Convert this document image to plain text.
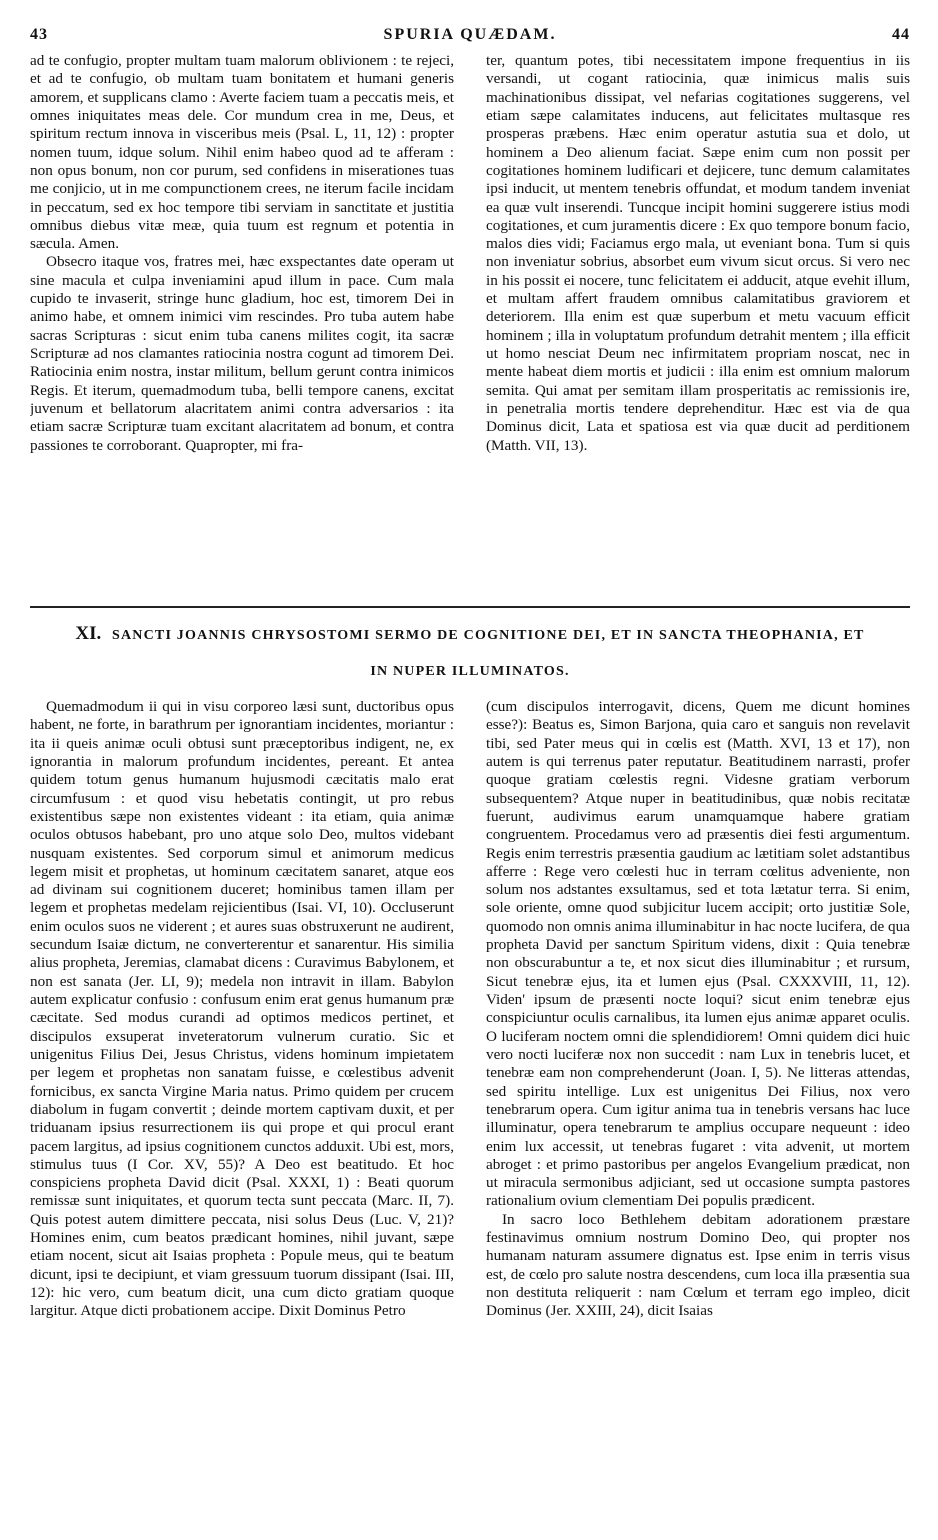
43	SPURIA QUÆDAM.	44

ad te confugio, propter multam tuam malorum oblivionem : te rejeci, et ad te confugio, ob multam tuam bonitatem et humani generis amorem, et supplicans clamo : Averte faciem tuam a peccatis meis, et omnes iniquitates meas dele. Cor mundum crea in me, Deus, et spiritum rectum innova in visceribus meis (Psal. L, 11, 12) : propter nomen tuum, idque solum. Nihil enim habeo quod ad te afferam : non opus bonum, non cor purum, sed confidens in miserationes tuas me conjicio, ut in me compunctionem crees, ne iterum facile incidam in peccatum, sed ex hoc tempore tibi serviam in sanctitate et justitia omnibus diebus vitæ meæ, quia tuum est regnum et potentia in sæcula. Amen.

Obsecro itaque vos, fratres mei, hæc exspectantes date operam ut sine macula et culpa inveniamini apud illum in pace. Cum mala cupido te invaserit, stringe hunc gladium, hoc est, timorem Dei in animo habe, et omnem inimici vim rescindes. Pro tuba autem habe sacras Scripturas : sicut enim tuba canens milites cogit, ita sacræ Scripturæ ad nos clamantes ratiocinia nostra cogunt ad timorem Dei. Ratiocinia enim nostra, instar militum, bellum gerunt contra inimicos Regis. Et iterum, quemadmodum tuba, belli tempore canens, excitat juvenum et bellatorum alacritatem animi contra adversarios : ita etiam sacræ Scripturæ tuam excitant alacritatem ad bonum, et contra passiones te corroborant. Quapropter, mi fra-

ter, quantum potes, tibi necessitatem impone frequentius in iis versandi, ut cogant ratiocinia, quæ inimicus malis suis machinationibus dissipat, vel nefarias cogitationes suggerens, vel etiam sæpe calamitates inducens, aut felicitates multasque res prosperas præbens. Hæc enim operatur astutia sua et dolo, ut hominem a Deo alienum faciat. Sæpe enim cum non possit per cogitationes hominem ludificari et dejicere, tunc demum calamitates ipsi inducit, ut mentem tenebris offundat, et modum tandem inveniat ea quæ vult inserendi. Tuncque incipit homini suggerere istius modi cogitationes, et cum juramentis dicere : Ex quo tempore bonum facio, malos dies vidi; Faciamus ergo mala, ut eveniant bona. Tum si quis non inveniatur sobrius, absorbet eum vivum sicut orcus. Si vero nec in his possit ei nocere, tunc felicitatem ei adducit, atque evehit illum, et multam affert fraudem omnibus calamitatibus graviorem et deteriorem. Illa enim est quæ superbum et metu vacuum efficit hominem ; illa in voluptatum profundum detrahit mentem ; illa efficit ut homo nesciat Deum nec infirmitatem propriam noscat, nec in mente habeat diem mortis et judicii : illa enim est omnium malorum semita. Qui amat per semitam illam prosperitatis ac remissionis ire, in penetralia mortis tendere deprehenditur. Hæc est via de qua Dominus dicit, Lata et spatiosa est via quæ ducit ad perditionem (Matth. VII, 13).

XI. SANCTI JOANNIS CHRYSOSTOMI SERMO DE COGNITIONE DEI, ET IN SANCTA THEOPHANIA, ET
IN NUPER ILLUMINATOS.

Quemadmodum ii qui in visu corporeo læsi sunt, ductoribus opus habent, ne forte, in barathrum per ignorantiam incidentes, moriantur : ita ii queis animæ oculi obtusi sunt præceptoribus indigent, ne, ex ignorantia in malorum profundum incidentes, pereant. Et antea quidem totum genus humanum hujusmodi cæcitatis malo erat circumfusum : et quod visu hebetatis contingit, ut pro rebus existentibus sæpe non existentes videant : ita etiam, quia animæ oculos obtusos habebant, pro uno atque solo Deo, multos videbant nusquam existentes. Sed corporum simul et animorum medicus legem misit et prophetas, ut hominum cæcitatem sanaret, atque eos ad divinam sui cognitionem duceret; hominibus tamen illam per legem et prophetas medelam rejicientibus (Isai. VI, 10). Occluserunt enim oculos suos ne viderent ; et aures suas obstruxerunt ne audirent, secundum Isaiæ dictum, ne converterentur et sanarentur. His similia alius propheta, Jeremias, clamabat dicens : Curavimus Babylonem, et non est sanata (Jer. LI, 9); medela non intravit in illam. Babylon autem explicatur confusio : confusum enim erat genus humanum præ cæcitate. Sed modus curandi ad optimos medicos pertinet, et discipulos exsuperat inveteratorum vulnerum curatio. Sic et unigenitus Filius Dei, Jesus Christus, videns hominum impietatem per legem et prophetas non sanatam fuisse, e cœlestibus advenit fornicibus, ex sancta Virgine Maria natus. Primo quidem per crucem diabolum in fugam convertit ; deinde mortem captivam duxit, et per triduanam ipsius resurrectionem iis qui prope et qui procul erant pacem largitus, ad ipsius cognitionem cunctos adduxit. Ubi est, mors, stimulus tuus (I Cor. XV, 55)? A Deo est beatitudo. Et hoc conspiciens propheta David dicit (Psal. XXXI, 1) : Beati quorum remissæ sunt iniquitates, et quorum tecta sunt peccata (Marc. II, 7). Quis potest autem dimittere peccata, nisi solus Deus (Luc. V, 21)? Homines enim, cum beatos prædicant homines, nihil juvant, sæpe etiam nocent, sicut ait Isaias propheta : Popule meus, qui te beatum dicunt, ipsi te decipiunt, et viam gressuum tuorum dissipant (Isai. III, 12): hic vero, cum beatum dicit, una cum dicto gratiam quoque largitur. Atque dicti probationem accipe. Dixit Dominus Petro

(cum discipulos interrogavit, dicens, Quem me dicunt homines esse?): Beatus es, Simon Barjona, quia caro et sanguis non revelavit tibi, sed Pater meus qui in cœlis est (Matth. XVI, 13 et 17), non autem is qui terrenus pater reputatur. Beatitudinem narrasti, profer quoque gratiam cœlestis regni. Videsne gratiam verborum subsequentem? Atque nuper in beatitudinibus, quæ nobis recitatæ fuerunt, audivimus earum unamquamque habere gratiam congruentem. Procedamus vero ad præsentis diei festi argumentum. Regis enim terrestris præsentia gaudium ac lætitiam solet adstantibus afferre : Rege vero cœlesti huc in terram cœlitus adveniente, non solum nos adstantes exsultamus, sed et tota lætatur terra. Si enim, sole oriente, omne quod subjicitur lucem accipit; orto justitiæ Sole, quomodo non omnis anima illuminabitur in hac nocte lucifera, de qua propheta David per sanctum Spiritum videns, dixit : Quia tenebræ non obscurabuntur a te, et nox sicut dies illuminabitur ; et rursum, Sicut tenebræ ejus, ita et lumen ejus (Psal. CXXXVIII, 11, 12). Viden' ipsum de præsenti nocte loqui? sicut enim tenebræ ejus conspiciuntur oculis carnalibus, ita lumen ejus animæ apparet oculis. O luciferam noctem omni die splendidiorem! Omni quidem dici huic vero nocti luciferæ nox non succedit : nam Lux in tenebris lucet, et tenebræ eam non comprehenderunt (Joan. I, 5). Ne litteras attendas, sed spiritu intellige. Lux est unigenitus Dei Filius, nox vero tenebrarum opera. Cum igitur anima tua in tenebris versans hac luce illuminatur, opera tenebrarum te amplius occupare nequeunt : ideo enim lux accessit, ut tenebras fugaret : vita advenit, ut mortem abroget : et primo pastoribus per angelos Evangelium prædicat, non ut miracula sermonibus adjiciant, sed ut occasione sumpta pastores rationalium ovium clementiam Dei populis prædicent.

In sacro loco Bethlehem debitam adorationem præstare festinavimus omnium nostrum Domino Deo, qui propter nos humanam naturam assumere dignatus est. Ipse enim in terris visus est, de cœlo pro salute nostra descendens, cum loca illa præsentia sua non destituta reliquerit : nam Cœlum et terram ego impleo, dicit Dominus (Jer. XXIII, 24), dicit Isaias
